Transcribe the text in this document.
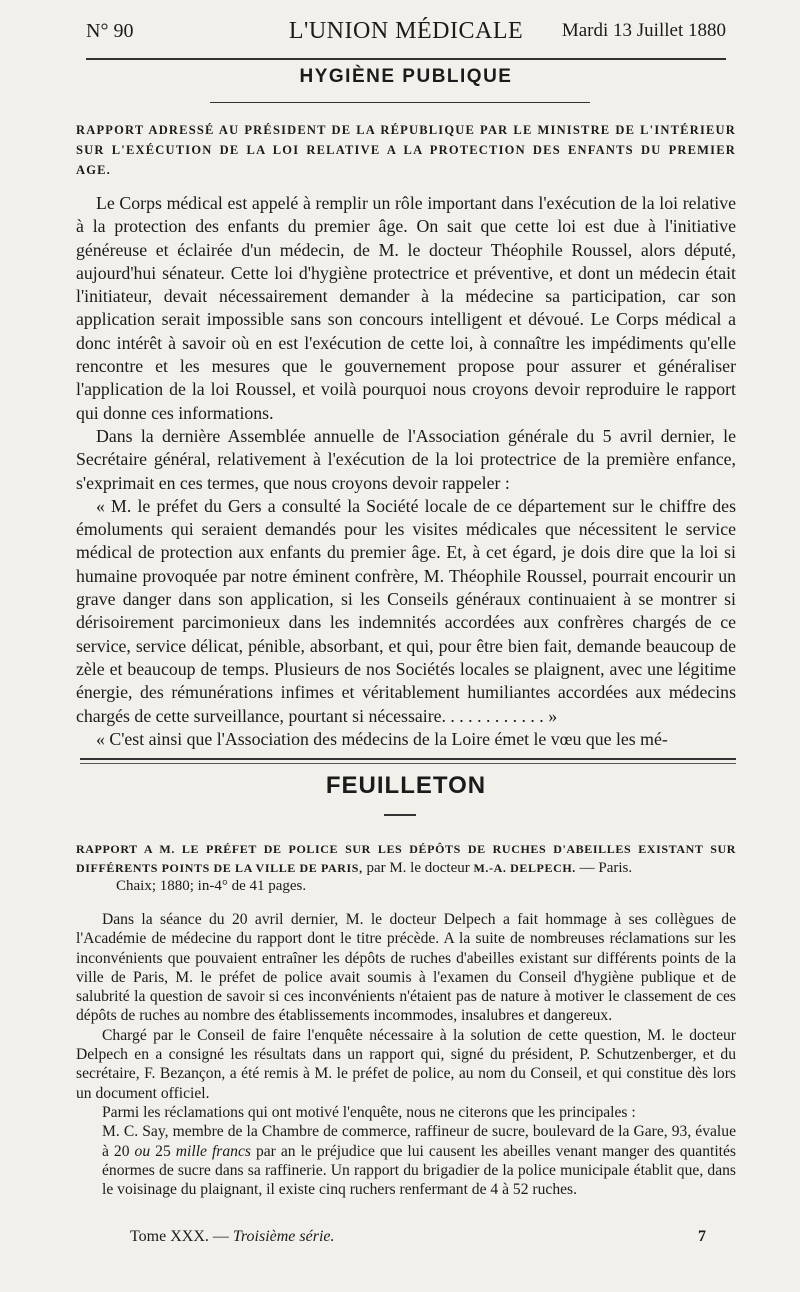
N° 90	L'UNION MÉDICALE	Mardi 13 Juillet 1880
HYGIÈNE PUBLIQUE
RAPPORT ADRESSÉ AU PRÉSIDENT DE LA RÉPUBLIQUE PAR LE MINISTRE DE L'INTÉRIEUR SUR L'EXÉCUTION DE LA LOI RELATIVE A LA PROTECTION DES ENFANTS DU PREMIER AGE.

Le Corps médical est appelé à remplir un rôle important dans l'exécution de la loi relative à la protection des enfants du premier âge. On sait que cette loi est due à l'initiative généreuse et éclairée d'un médecin, de M. le docteur Théophile Roussel, alors député, aujourd'hui sénateur. Cette loi d'hygiène protectrice et préventive, et dont un médecin était l'initiateur, devait nécessairement demander à la médecine sa participation, car son application serait impossible sans son concours intelligent et dévoué. Le Corps médical a donc intérêt à savoir où en est l'exécution de cette loi, à connaître les impédiments qu'elle rencontre et les mesures que le gouvernement propose pour assurer et généraliser l'application de la loi Roussel, et voilà pourquoi nous croyons devoir reproduire le rapport qui donne ces informations.

Dans la dernière Assemblée annuelle de l'Association générale du 5 avril dernier, le Secrétaire général, relativement à l'exécution de la loi protectrice de la première enfance, s'exprimait en ces termes, que nous croyons devoir rappeler :

« M. le préfet du Gers a consulté la Société locale de ce département sur le chiffre des émoluments qui seraient demandés pour les visites médicales que nécessitent le service médical de protection aux enfants du premier âge. Et, à cet égard, je dois dire que la loi si humaine provoquée par notre éminent confrère, M. Théophile Roussel, pourrait encourir un grave danger dans son application, si les Conseils généraux continuaient à se montrer si dérisoirement parcimonieux dans les indemnités accordées aux confrères chargés de ce service, service délicat, pénible, absorbant, et qui, pour être bien fait, demande beaucoup de zèle et beaucoup de temps. Plusieurs de nos Sociétés locales se plaignent, avec une légitime énergie, des rémunérations infimes et véritablement humiliantes accordées aux médecins chargés de cette surveillance, pourtant si nécessaire. . . . . . . . . . . . »

« C'est ainsi que l'Association des médecins de la Loire émet le vœu que les mé-

FEUILLETON
RAPPORT A M. LE PRÉFET DE POLICE SUR LES DÉPÔTS DE RUCHES D'ABEILLES EXISTANT SUR DIFFÉRENTS POINTS DE LA VILLE DE PARIS, par M. le docteur M.-A. DELPECH. — Paris.
Chaix; 1880; in-4° de 41 pages.

Dans la séance du 20 avril dernier, M. le docteur Delpech a fait hommage à ses collègues de l'Académie de médecine du rapport dont le titre précède. A la suite de nombreuses réclamations sur les inconvénients que pouvaient entraîner les dépôts de ruches d'abeilles existant sur différents points de la ville de Paris, M. le préfet de police avait soumis à l'examen du Conseil d'hygiène publique et de salubrité la question de savoir si ces inconvénients n'étaient pas de nature à motiver le classement de ces dépôts de ruches au nombre des établissements incommodes, insalubres et dangereux.

Chargé par le Conseil de faire l'enquête nécessaire à la solution de cette question, M. le docteur Delpech en a consigné les résultats dans un rapport qui, signé du président, P. Schutzenberger, et du secrétaire, F. Bezançon, a été remis à M. le préfet de police, au nom du Conseil, et qui constitue dès lors un document officiel.

Parmi les réclamations qui ont motivé l'enquête, nous ne citerons que les principales :

M. C. Say, membre de la Chambre de commerce, raffineur de sucre, boulevard de la Gare, 93, évalue à 20 ou 25 mille francs par an le préjudice que lui causent les abeilles venant manger des quantités énormes de sucre dans sa raffinerie. Un rapport du brigadier de la police municipale établit que, dans le voisinage du plaignant, il existe cinq ruchers renfermant de 4 à 52 ruches.

Tome XXX. — Troisième série.	7
